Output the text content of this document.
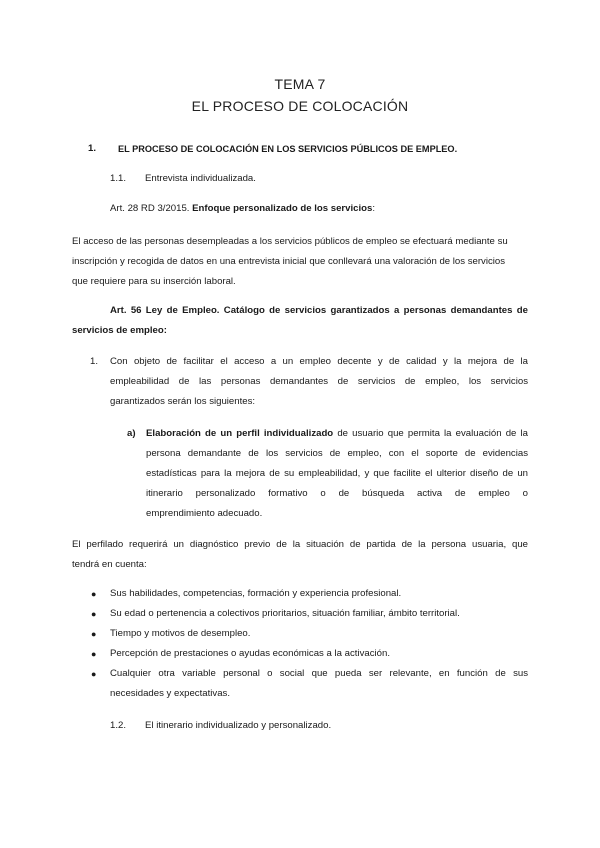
TEMA 7
EL PROCESO DE COLOCACIÓN
1. EL PROCESO DE COLOCACIÓN EN LOS SERVICIOS PÚBLICOS DE EMPLEO.
1.1. Entrevista individualizada.
Art. 28 RD 3/2015. Enfoque personalizado de los servicios:
El acceso de las personas desempleadas a los servicios públicos de empleo se efectuará mediante su
inscripción y recogida de datos en una entrevista inicial que conllevará una valoración de los servicios
que requiere para su inserción laboral.
Art. 56 Ley de Empleo. Catálogo de servicios garantizados a personas demandantes de
servicios de empleo:
1. Con objeto de facilitar el acceso a un empleo decente y de calidad y la mejora de la
empleabilidad de las personas demandantes de servicios de empleo, los servicios
garantizados serán los siguientes:
a) Elaboración de un perfil individualizado de usuario que permita la evaluación de la
persona demandante de los servicios de empleo, con el soporte de evidencias
estadísticas para la mejora de su empleabilidad, y que facilite el ulterior diseño de un
itinerario personalizado formativo o de búsqueda activa de empleo o
emprendimiento adecuado.
El perfilado requerirá un diagnóstico previo de la situación de partida de la persona usuaria, que
tendrá en cuenta:
● Sus habilidades, competencias, formación y experiencia profesional.
● Su edad o pertenencia a colectivos prioritarios, situación familiar, ámbito territorial.
● Tiempo y motivos de desempleo.
● Percepción de prestaciones o ayudas económicas a la activación.
● Cualquier otra variable personal o social que pueda ser relevante, en función de sus
necesidades y expectativas.
1.2. El itinerario individualizado y personalizado.
